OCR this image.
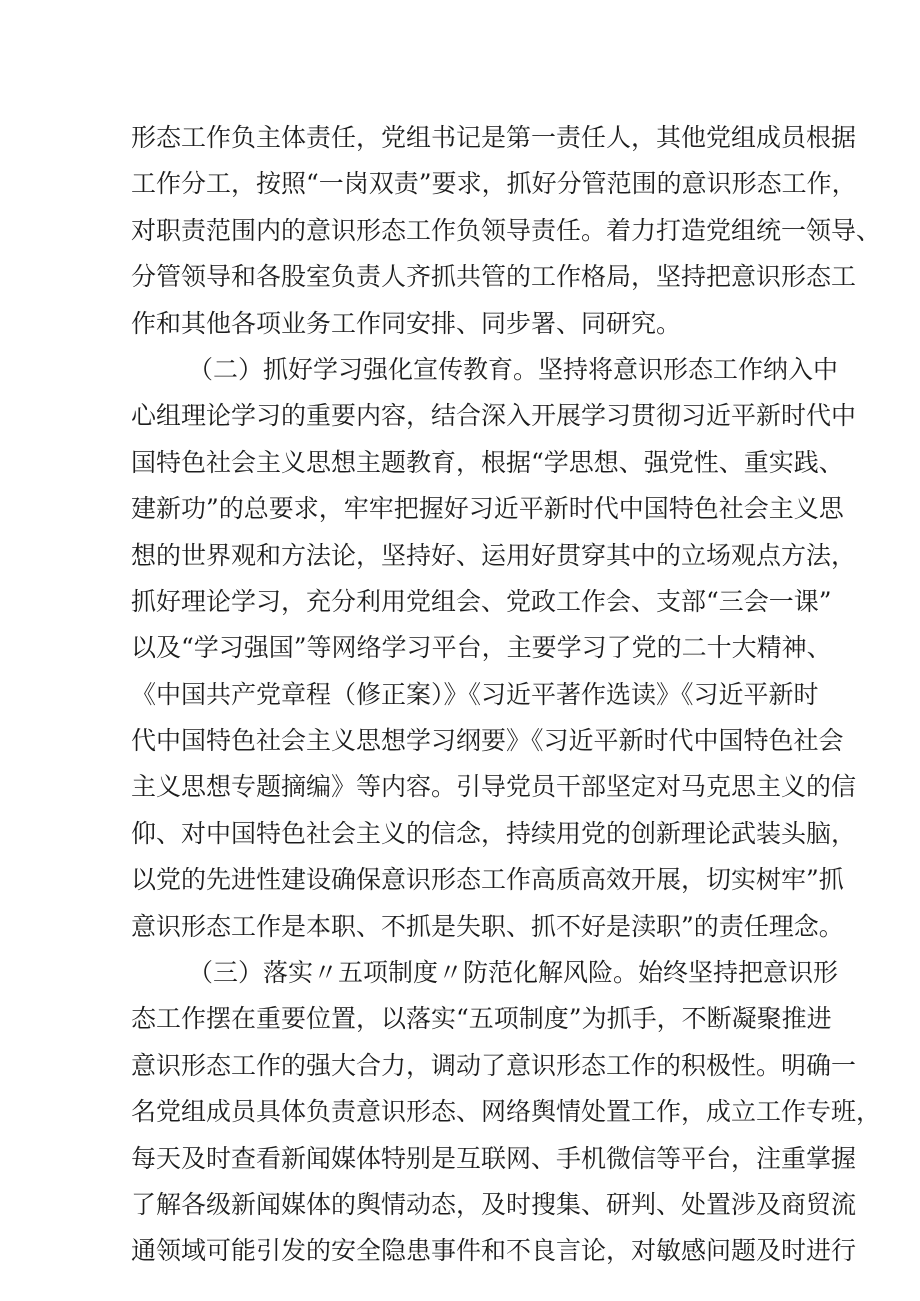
形态工作负主体责任，党组书记是第一责任人，其他党组成员根据
工作分工，按照“一岗双责”要求，抓好分管范围的意识形态工作，
对职责范围内的意识形态工作负领导责任。着力打造党组统一领导、
分管领导和各股室负责人齐抓共管的工作格局，坚持把意识形态工
作和其他各项业务工作同安排、同步署、同研究。
（二）抓好学习强化宣传教育。坚持将意识形态工作纳入中
心组理论学习的重要内容，结合深入开展学习贯彻习近平新时代中
国特色社会主义思想主题教育，根据“学思想、强党性、重实践、
建新功”的总要求，牢牢把握好习近平新时代中国特色社会主义思
想的世界观和方法论，坚持好、运用好贯穿其中的立场观点方法，
抓好理论学习，充分利用党组会、党政工作会、支部“三会一课”
以及“学习强国”等网络学习平台，主要学习了党的二十大精神、
《中国共产党章程（修正案）》《习近平著作选读》《习近平新时
代中国特色社会主义思想学习纲要》《习近平新时代中国特色社会
主义思想专题摘编》等内容。引导党员干部坚定对马克思主义的信
仰、对中国特色社会主义的信念，持续用党的创新理论武装头脑，
以党的先进性建设确保意识形态工作高质高效开展，切实树牢”抓
意识形态工作是本职、不抓是失职、抓不好是渎职”的责任理念。
（三）落实〃五项制度〃防范化解风险。始终坚持把意识形
态工作摆在重要位置，以落实“五项制度”为抓手，不断凝聚推进
意识形态工作的强大合力，调动了意识形态工作的积极性。明确一
名党组成员具体负责意识形态、网络舆情处置工作，成立工作专班，
每天及时查看新闻媒体特别是互联网、手机微信等平台，注重掌握
了解各级新闻媒体的舆情动态，及时搜集、研判、处置涉及商贸流
通领域可能引发的安全隐患事件和不良言论，对敏感问题及时进行
